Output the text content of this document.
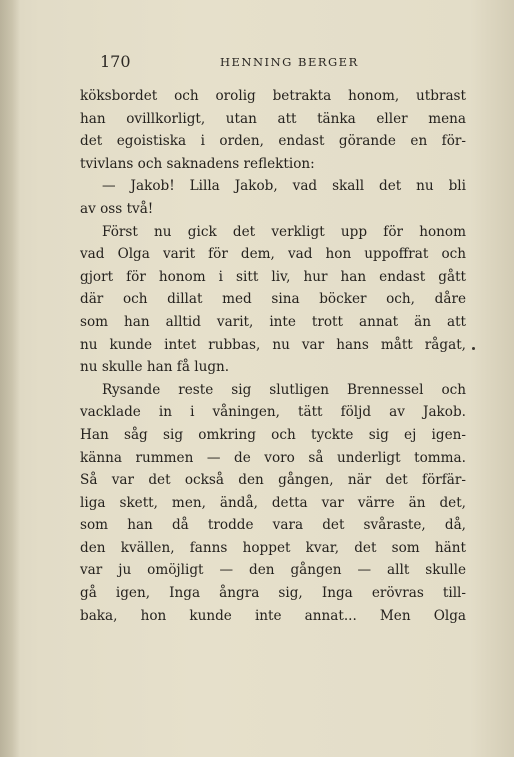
170	HENNING BERGER
köksbordet och orolig betrakta honom, utbrast
han ovillkorligt, utan att tänka eller mena
det egoistiska i orden, endast görande en för-
tvivlans och saknadens reflektion:
— Jakob! Lilla Jakob, vad skall det nu bli
av oss två!
Först nu gick det verkligt upp för honom
vad Olga varit för dem, vad hon uppoffrat och
gjort för honom i sitt liv, hur han endast gått
där och dillat med sina böcker och, dåre
som han alltid varit, inte trott annat än att
nu kunde intet rubbas, nu var hans mått rågat,
nu skulle han få lugn.
Rysande reste sig slutligen Brennessel och
vacklade in i våningen, tätt följd av Jakob.
Han såg sig omkring och tyckte sig ej igen-
känna rummen — de voro så underligt tomma.
Så var det också den gången, när det förfär-
liga skett, men, ändå, detta var värre än det,
som han då trodde vara det svåraste, då,
den kvällen, fanns hoppet kvar, det som hänt
var ju omöjligt — den gången — allt skulle
gå igen, Inga ångra sig, Inga erövras till-
baka, hon kunde inte annat... Men Olga
